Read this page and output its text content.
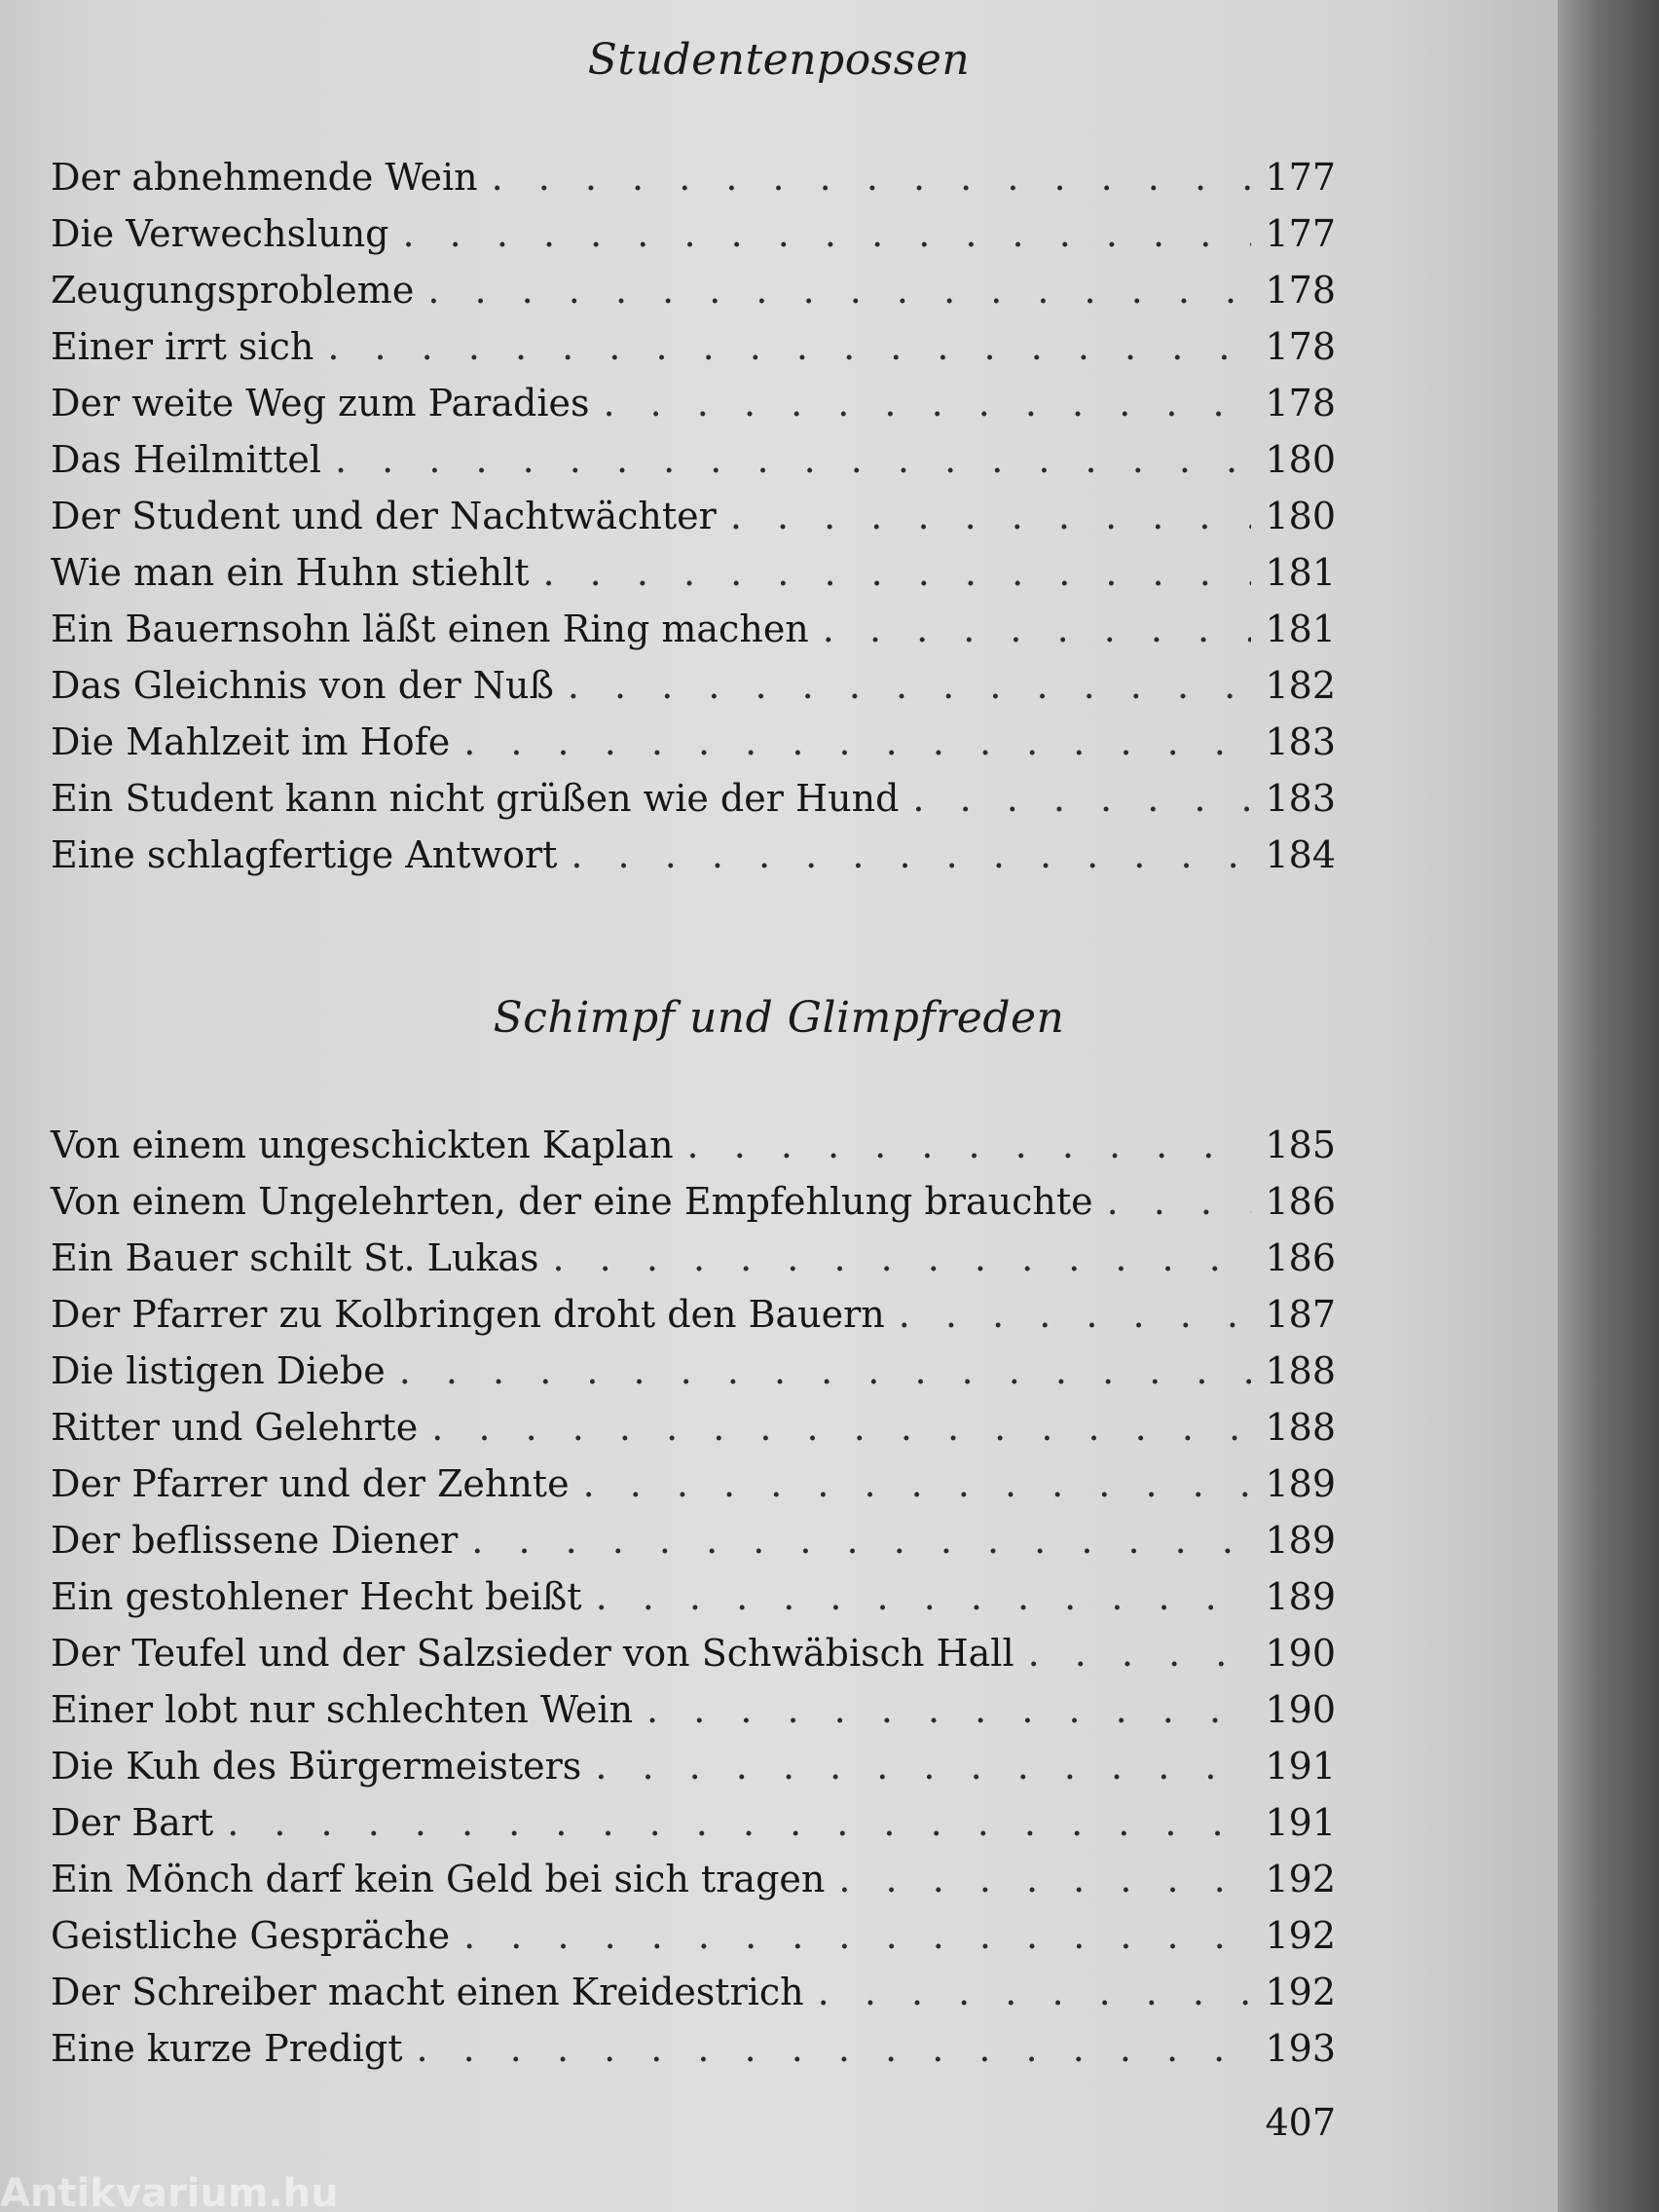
Studentenpossen
Der abnehmende Wein . . .	177
Die Verwechslung . . .	177
Zeugungsprobleme . . .	178
Einer irrt sich . . .	178
Der weite Weg zum Paradies . . .	178
Das Heilmittel . . .	180
Der Student und der Nachtwächter . . .	180
Wie man ein Huhn stiehlt . . .	181
Ein Bauernsohn läßt einen Ring machen . . .	181
Das Gleichnis von der Nuß . . .	182
Die Mahlzeit im Hofe . . .	183
Ein Student kann nicht grüßen wie der Hund . . .	183
Eine schlagfertige Antwort . . .	184
Schimpf und Glimpfreden
Von einem ungeschickten Kaplan . . .	185
Von einem Ungelehrten, der eine Empfehlung brauchte . . .	186
Ein Bauer schilt St. Lukas . . .	186
Der Pfarrer zu Kolbringen droht den Bauern . . .	187
Die listigen Diebe . . .	188
Ritter und Gelehrte . . .	188
Der Pfarrer und der Zehnte . . .	189
Der beflissene Diener . . .	189
Ein gestohlener Hecht beißt . . .	189
Der Teufel und der Salzsieder von Schwäbisch Hall . . .	190
Einer lobt nur schlechten Wein . . .	190
Die Kuh des Bürgermeisters . . .	191
Der Bart . . .	191
Ein Mönch darf kein Geld bei sich tragen . . .	192
Geistliche Gespräche . . .	192
Der Schreiber macht einen Kreidestrich . . .	192
Eine kurze Predigt . . .	193
407
Antikvarium.hu
